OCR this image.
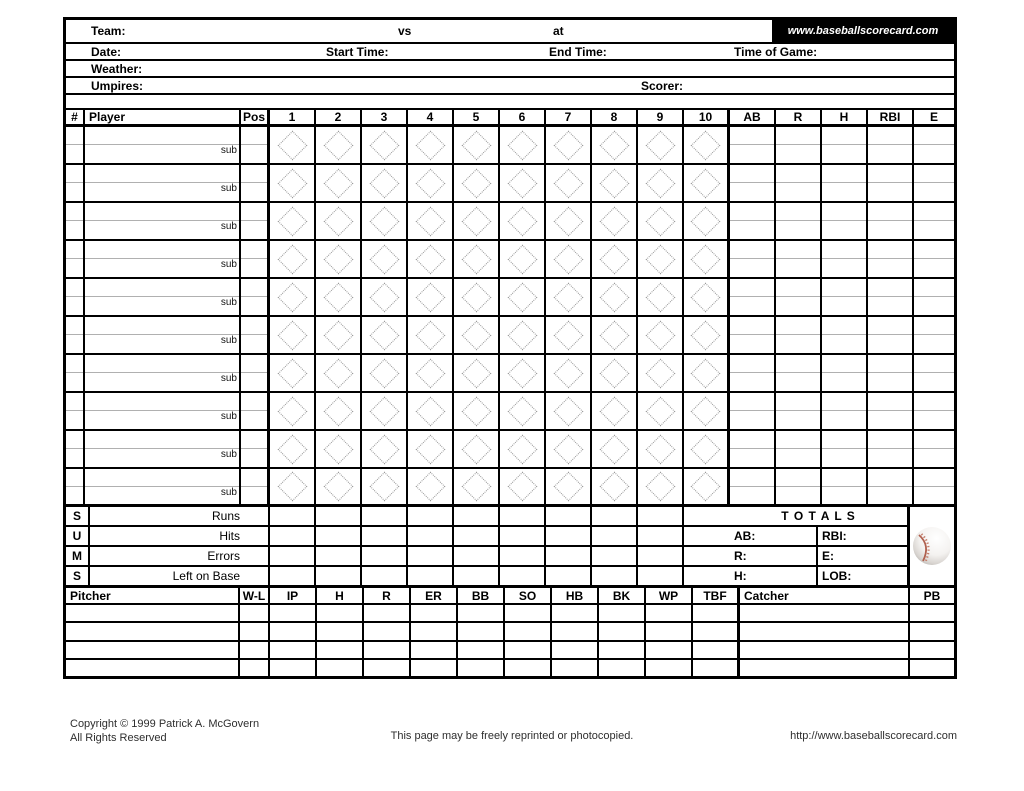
Team:	vs	at	www.baseballscorecard.com
Date:	Start Time:	End Time:	Time of Game:
Weather:
Umpires:	Scorer:
# Player	Pos	1	2	3	4	5	6	7	8	9	10	AB	R	H	RBI	E
sub
sub
sub
sub
sub
sub
sub
sub
sub
sub
S	Runs
U	Hits
M	Errors
S	Left on Base
T O T A L S
AB:	RBI:
R:	E:
H:	LOB:
Pitcher	W-L	IP	H	R	ER	BB	SO	HB	BK	WP	TBF	Catcher	PB
Copyright © 1999 Patrick A. McGovern
All Rights Reserved	This page may be freely reprinted or photocopied.	http://www.baseballscorecard.com
